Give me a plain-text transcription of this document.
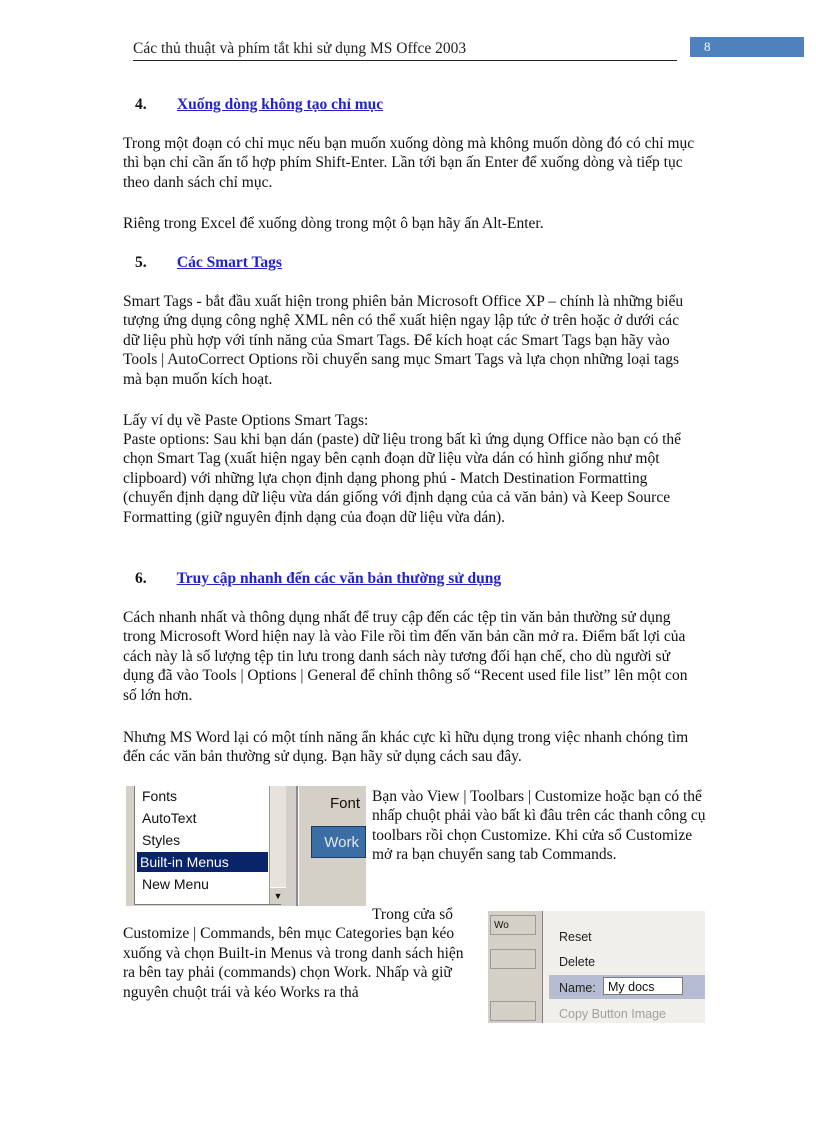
Các thủ thuật và phím tắt khi sử dụng MS Offce 2003	8
4. Xuống dòng không tạo chỉ mục
Trong một đoạn có chỉ mục nếu bạn muốn xuống dòng mà không muốn dòng đó có chỉ mục thì bạn chỉ cần ấn tổ hợp phím Shift-Enter. Lần tới bạn ấn Enter để xuống dòng và tiếp tục theo danh sách chỉ mục.
Riêng trong Excel để xuống dòng trong một ô bạn hãy ấn Alt-Enter.
5. Các Smart Tags
Smart Tags - bắt đầu xuất hiện trong phiên bản Microsoft Office XP – chính là những biểu tượng ứng dụng công nghệ XML nên có thể xuất hiện ngay lập tức ở trên hoặc ở dưới các dữ liệu phù hợp với tính năng của Smart Tags. Để kích hoạt các Smart Tags bạn hãy vào Tools | AutoCorrect Options rồi chuyển sang mục Smart Tags và lựa chọn những loại tags mà bạn muốn kích hoạt.
Lấy ví dụ về Paste Options Smart Tags:
Paste options: Sau khi bạn dán (paste) dữ liệu trong bất kì ứng dụng Office nào bạn có thể chọn Smart Tag (xuất hiện ngay bên cạnh đoạn dữ liệu vừa dán có hình giống như một clipboard) với những lựa chọn định dạng phong phú - Match Destination Formatting (chuyển định dạng dữ liệu vừa dán giống với định dạng của cả văn bản) và Keep Source Formatting (giữ nguyên định dạng của đoạn dữ liệu vừa dán).
6. Truy cập nhanh đến các văn bản thường sử dụng
Cách nhanh nhất và thông dụng nhất để truy cập đến các tệp tin văn bản thường sử dụng trong Microsoft Word hiện nay là vào File rồi tìm đến văn bản cần mở ra. Điểm bất lợi của cách này là số lượng tệp tin lưu trong danh sách này tương đối hạn chế, cho dù người sử dụng đã vào Tools | Options | General để chỉnh thông số “Recent used file list” lên một con số lớn hơn.
Nhưng MS Word lại có một tính năng ẩn khác cực kì hữu dụng trong việc nhanh chóng tìm đến các văn bản thường sử dụng. Bạn hãy sử dụng cách sau đây.
Bạn vào View | Toolbars | Customize hoặc bạn có thể nhấp chuột phải vào bất kì đâu trên các thanh công cụ toolbars rồi chọn Customize. Khi cửa sổ Customize mở ra bạn chuyển sang tab Commands.
Trong cửa sổ Customize | Commands, bên mục Categories bạn kéo xuống và chọn Built-in Menus và trong danh sách hiện ra bên tay phải (commands) chọn Work. Nhấp và giữ nguyên chuột trái và kéo Works ra thả
Fonts
AutoText
Styles
Built-in Menus
New Menu
▼
Font
Work
Wo
Reset
Delete
Name: My docs
Copy Button Image
